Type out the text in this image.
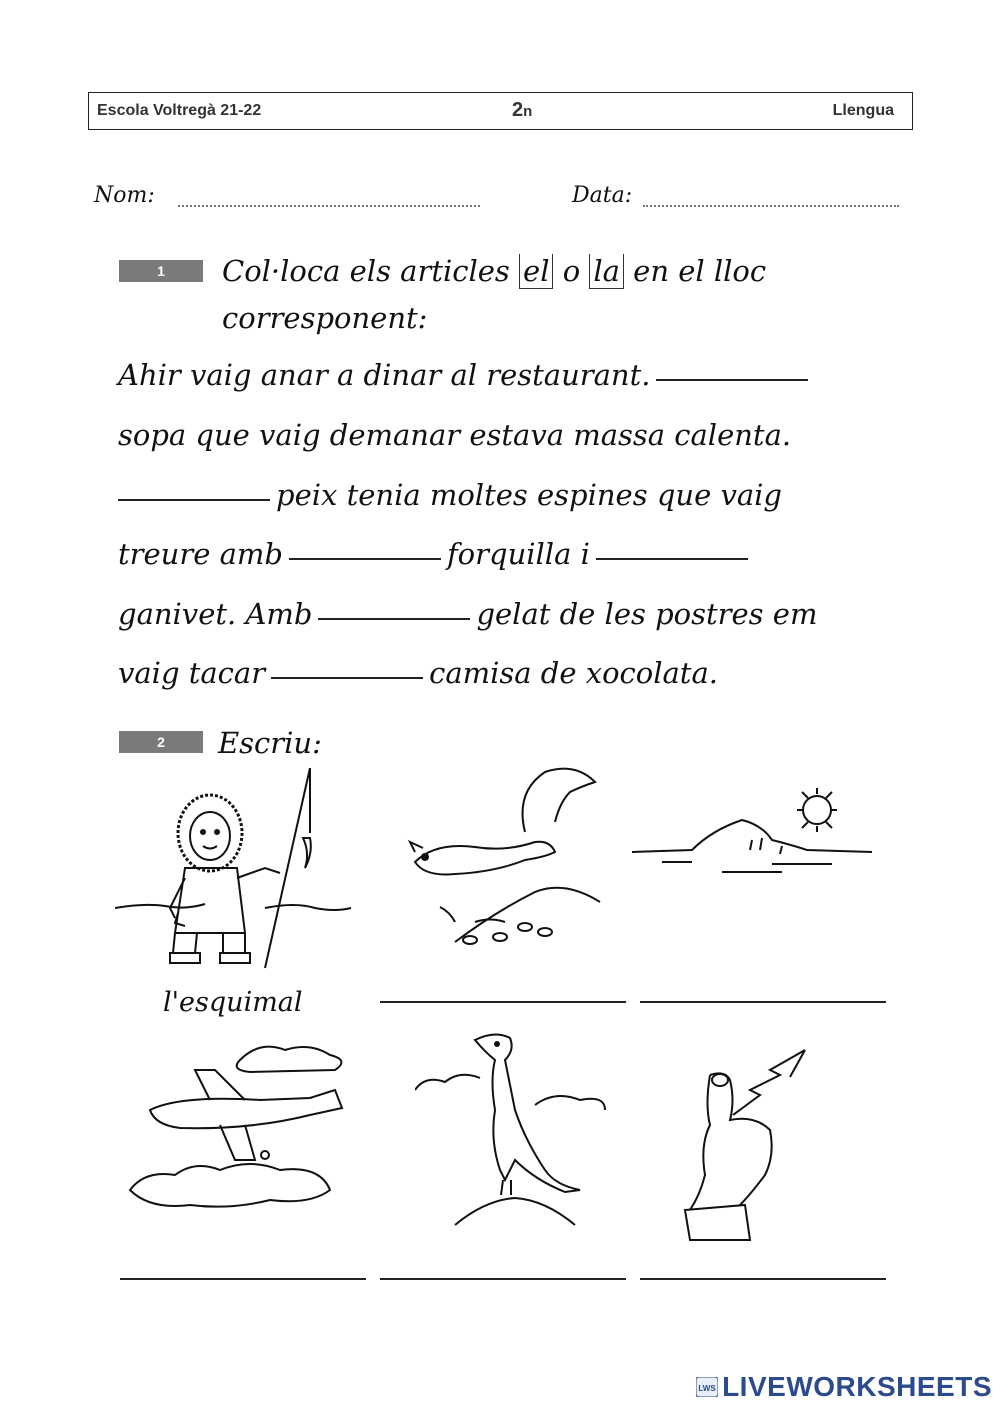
Escola Voltregà 21-22	2n	Llengua
Nom:	Data:
1	Col·loca els articles el o la en el lloc
corresponent:
Ahir vaig anar a dinar al restaurant.
sopa que vaig demanar estava massa calenta.
peix tenia moltes espines que vaig
treure amb	forquilla i
ganivet. Amb	gelat de les postres em
vaig tacar	camisa de xocolata.
2	Escriu:
l'esquimal
LWS LIVEWORKSHEETS
